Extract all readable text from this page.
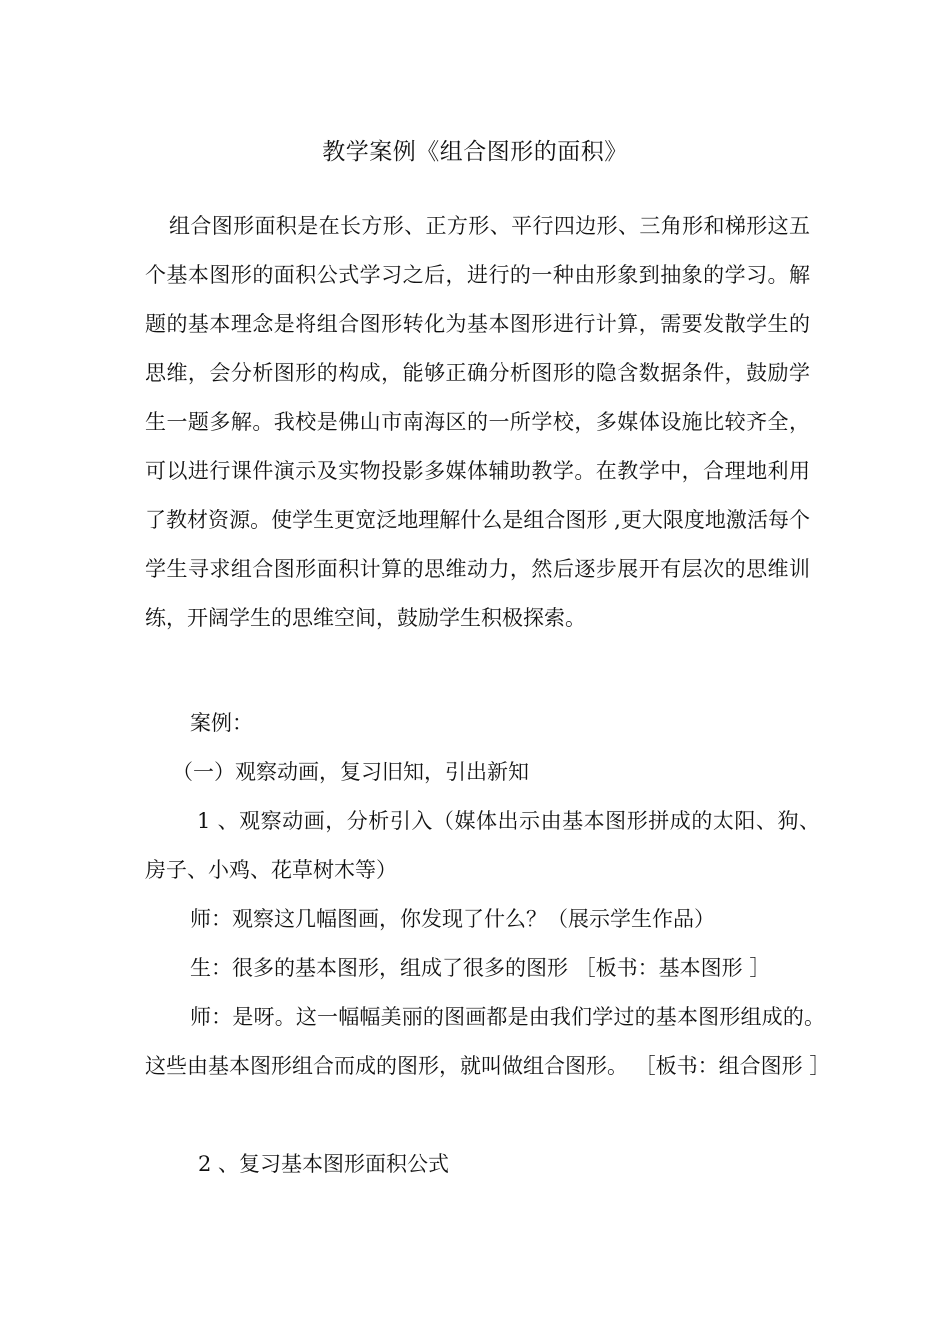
教学案例《组合图形的面积》

组合图形面积是在长方形、正方形、平行四边形、三角形和梯形这五个基本图形的面积公式学习之后，进行的一种由形象到抽象的学习。解题的基本理念是将组合图形转化为基本图形进行计算，需要发散学生的思维，会分析图形的构成，能够正确分析图形的隐含数据条件，鼓励学生一题多解。我校是佛山市南海区的一所学校，多媒体设施比较齐全，可以进行课件演示及实物投影多媒体辅助教学。在教学中，合理地利用了教材资源。使学生更宽泛地理解什么是组合图形 ,更大限度地激活每个学生寻求组合图形面积计算的思维动力，然后逐步展开有层次的思维训练，开阔学生的思维空间，鼓励学生积极探索。

案例：

（一）观察动画，复习旧知，引出新知

1 、观察动画，分析引入（媒体出示由基本图形拼成的太阳、狗、房子、小鸡、花草树木等）

师：观察这几幅图画，你发现了什么？（展示学生作品）

生：很多的基本图形，组成了很多的图形 ［板书：基本图形 ］

师：是呀。这一幅幅美丽的图画都是由我们学过的基本图形组成的。这些由基本图形组合而成的图形，就叫做组合图形。 ［板书：组合图形 ］

2 、复习基本图形面积公式
